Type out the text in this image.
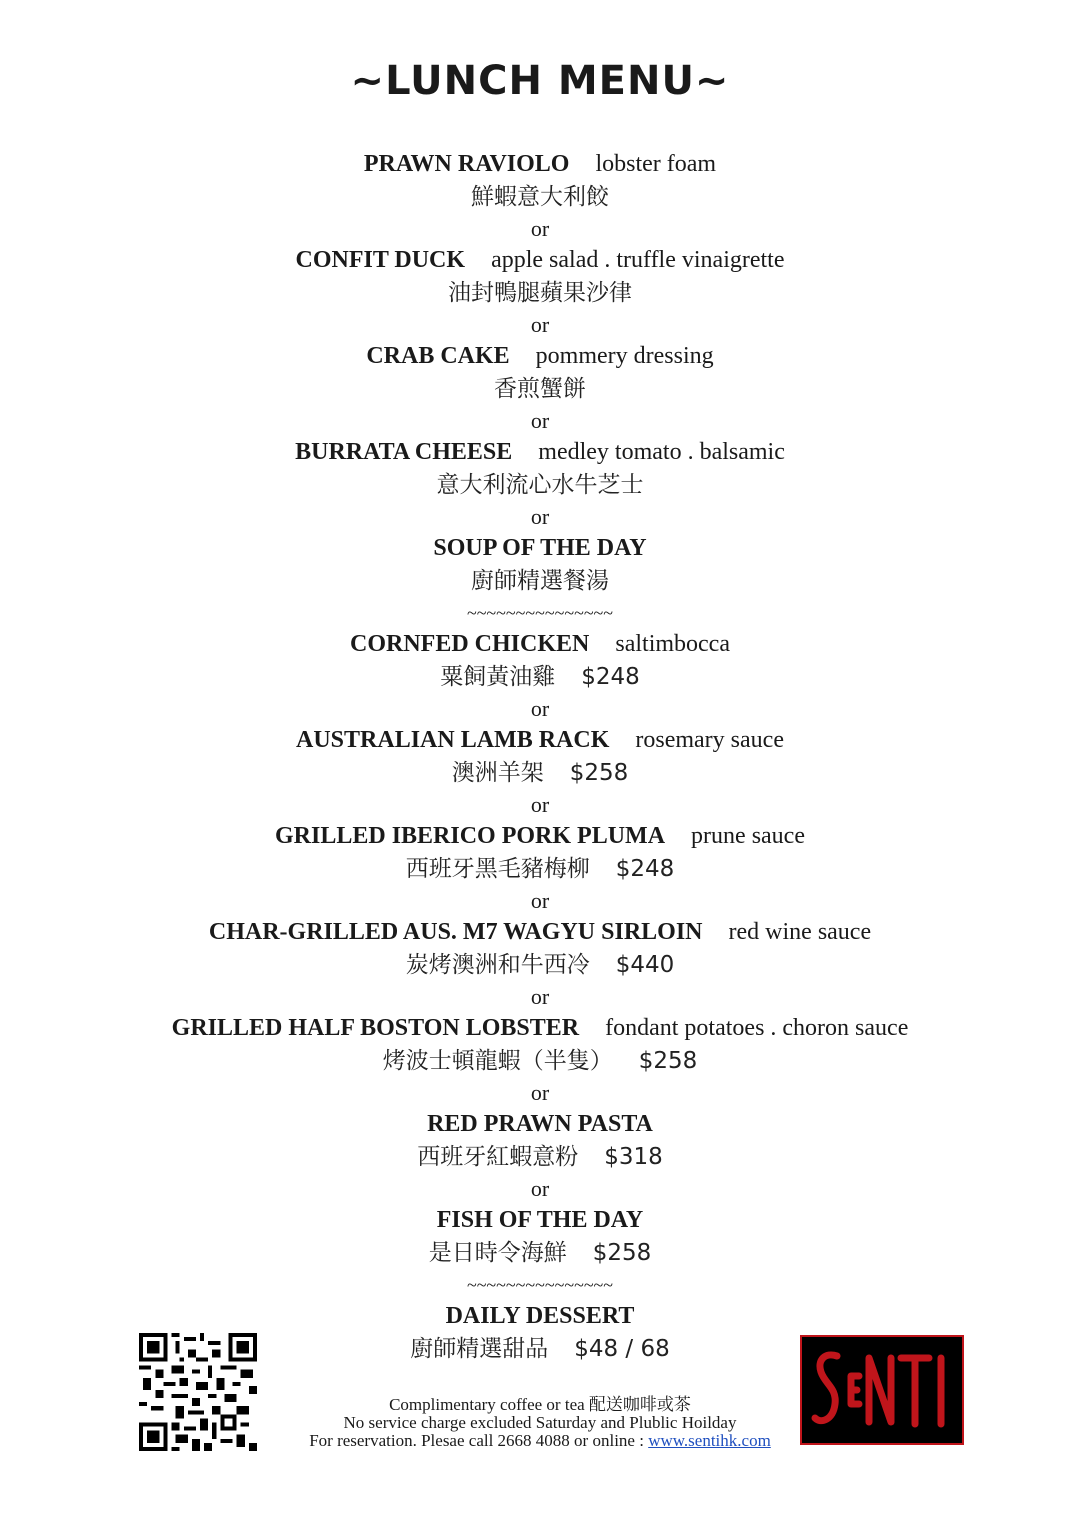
~LUNCH MENU~
PRAWN RAVIOLO lobster foam
鮮蝦意大利餃
or
CONFIT DUCK apple salad . truffle vinaigrette
油封鴨腿蘋果沙律
or
CRAB CAKE pommery dressing
香煎蟹餅
or
BURRATA CHEESE medley tomato . balsamic
意大利流心水牛芝士
or
SOUP OF THE DAY
廚師精選餐湯
~~~~~~~~~~~~~~~
CORNFED CHICKEN saltimbocca
粟飼黃油雞 $248
or
AUSTRALIAN LAMB RACK rosemary sauce
澳洲羊架 $258
or
GRILLED IBERICO PORK PLUMA prune sauce
西班牙黑毛豬梅柳 $248
or
CHAR-GRILLED AUS. M7 WAGYU SIRLOIN red wine sauce
炭烤澳洲和牛西冷 $440
or
GRILLED HALF BOSTON LOBSTER fondant potatoes . choron sauce
烤波士頓龍蝦（半隻） $258
or
RED PRAWN PASTA
西班牙紅蝦意粉 $318
or
FISH OF THE DAY
是日時令海鮮 $258
~~~~~~~~~~~~~~~
DAILY DESSERT
廚師精選甜品 $48 / 68
Complimentary coffee or tea 配送咖啡或茶
No service charge excluded Saturday and Plublic Hoilday
For reservation. Plesae call 2668 4088 or online : www.sentihk.com
